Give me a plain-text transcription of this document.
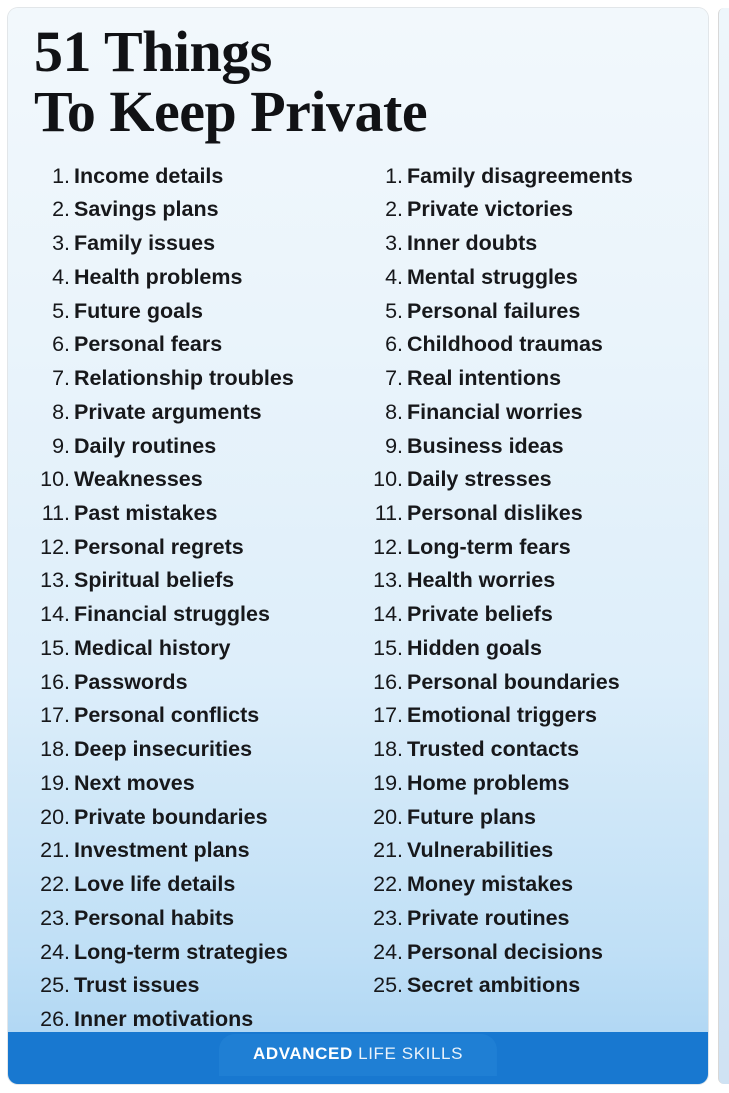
51 Things
To Keep Private
1. Income details
2. Savings plans
3. Family issues
4. Health problems
5. Future goals
6. Personal fears
7. Relationship troubles
8. Private arguments
9. Daily routines
10. Weaknesses
11. Past mistakes
12. Personal regrets
13. Spiritual beliefs
14. Financial struggles
15. Medical history
16. Passwords
17. Personal conflicts
18. Deep insecurities
19. Next moves
20. Private boundaries
21. Investment plans
22. Love life details
23. Personal habits
24. Long-term strategies
25. Trust issues
26. Inner motivations
1. Family disagreements
2. Private victories
3. Inner doubts
4. Mental struggles
5. Personal failures
6. Childhood traumas
7. Real intentions
8. Financial worries
9. Business ideas
10. Daily stresses
11. Personal dislikes
12. Long-term fears
13. Health worries
14. Private beliefs
15. Hidden goals
16. Personal boundaries
17. Emotional triggers
18. Trusted contacts
19. Home problems
20. Future plans
21. Vulnerabilities
22. Money mistakes
23. Private routines
24. Personal decisions
25. Secret ambitions
ADVANCED LIFE SKILLS
